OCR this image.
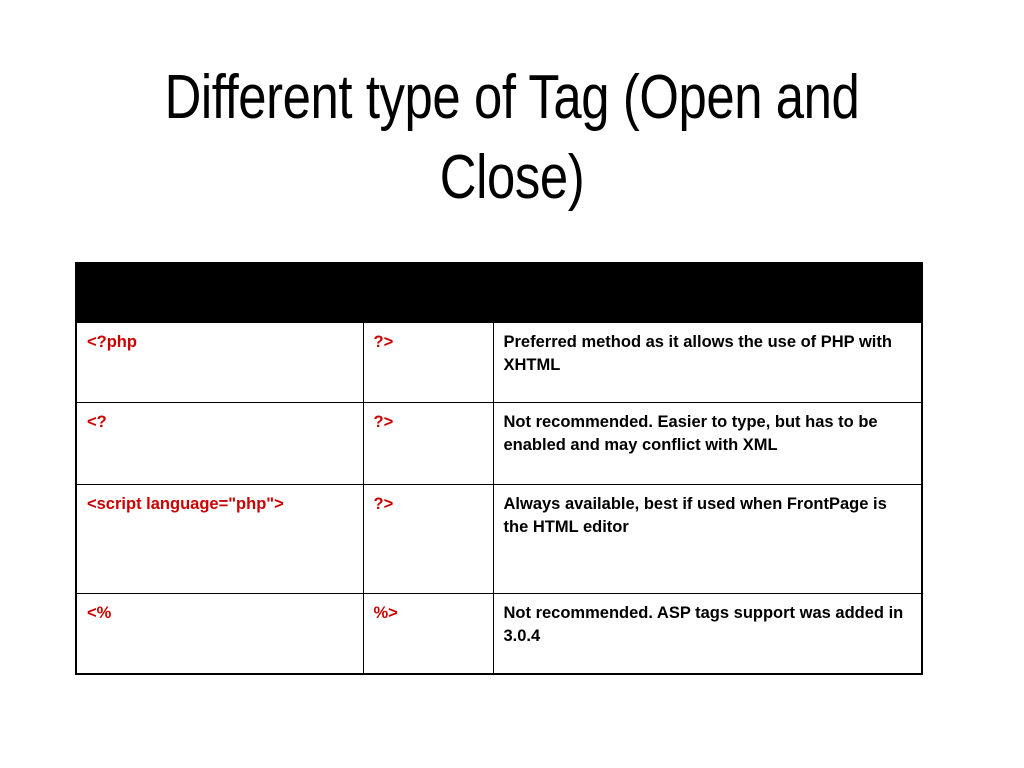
Different type of Tag (Open and Close)

<?php	?>	Preferred method as it allows the use of PHP with XHTML
<?	?>	Not recommended. Easier to type, but has to be enabled and may conflict with XML
<script language="php">	?>	Always available, best if used when FrontPage is the HTML editor
<%	%>	Not recommended. ASP tags support was added in 3.0.4
